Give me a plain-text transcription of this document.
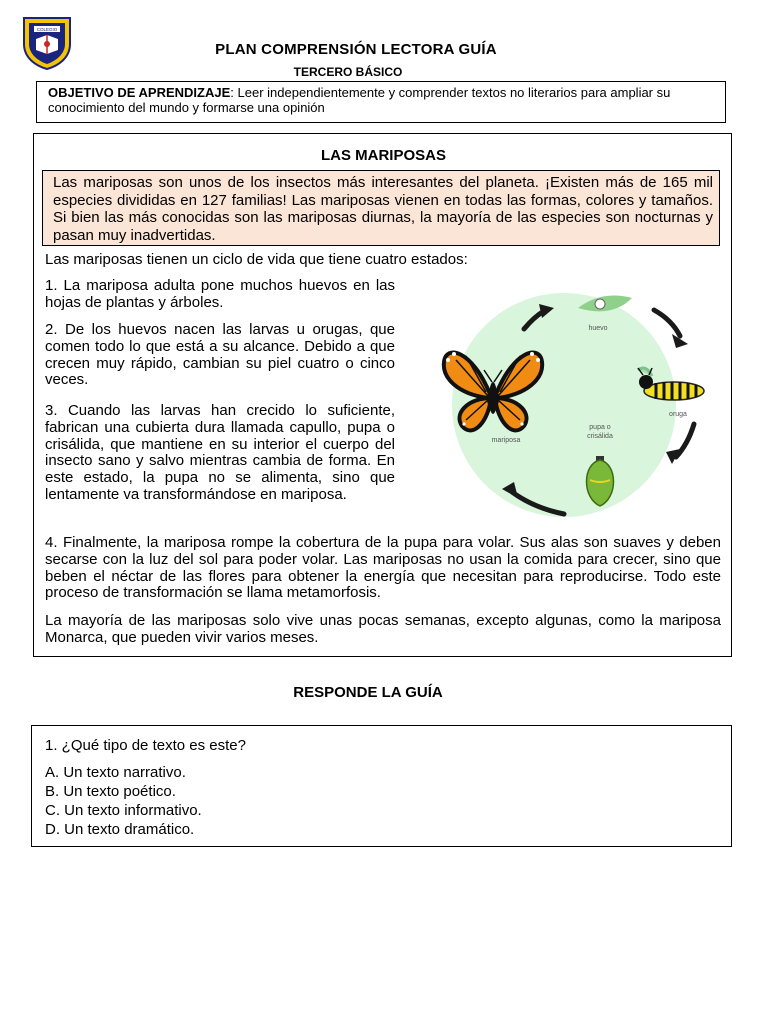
COLEGIO
PLAN COMPRENSIÓN LECTORA GUÍA
TERCERO BÁSICO
OBJETIVO DE APRENDIZAJE: Leer independientemente y comprender textos no literarios para ampliar su conocimiento del mundo y formarse una opinión
LAS MARIPOSAS
Las mariposas son unos de los insectos más interesantes del planeta. ¡Existen más de 165 mil especies divididas en 127 familias! Las mariposas vienen en todas las formas, colores y tamaños. Si bien las más conocidas son las mariposas diurnas, la mayoría de las especies son nocturnas y pasan muy inadvertidas.

Las mariposas tienen un ciclo de vida que tiene cuatro estados:

1. La mariposa adulta pone muchos huevos en las hojas de plantas y árboles.

2. De los huevos nacen las larvas u orugas, que comen todo lo que está a su alcance. Debido a que crecen muy rápido, cambian su piel cuatro o cinco veces.

3. Cuando las larvas han crecido lo suficiente, fabrican una cubierta dura llamada capullo, pupa o crisálida, que mantiene en su interior el cuerpo del insecto sano y salvo mientras cambia de forma. En este estado, la pupa no se alimenta, sino que lentamente va transformándose en mariposa.

huevo
oruga
pupa o
crisálida
mariposa

4. Finalmente, la mariposa rompe la cobertura de la pupa para volar. Sus alas son suaves y deben secarse con la luz del sol para poder volar. Las mariposas no usan la comida para crecer, sino que beben el néctar de las flores para obtener la energía que necesitan para reproducirse. Todo este proceso de transformación se llama metamorfosis.

La mayoría de las mariposas solo vive unas pocas semanas, excepto algunas, como la mariposa Monarca, que pueden vivir varios meses.

RESPONDE LA GUÍA
1. ¿Qué tipo de texto es este?
A. Un texto narrativo.
B. Un texto poético.
C. Un texto informativo.
D. Un texto dramático.
